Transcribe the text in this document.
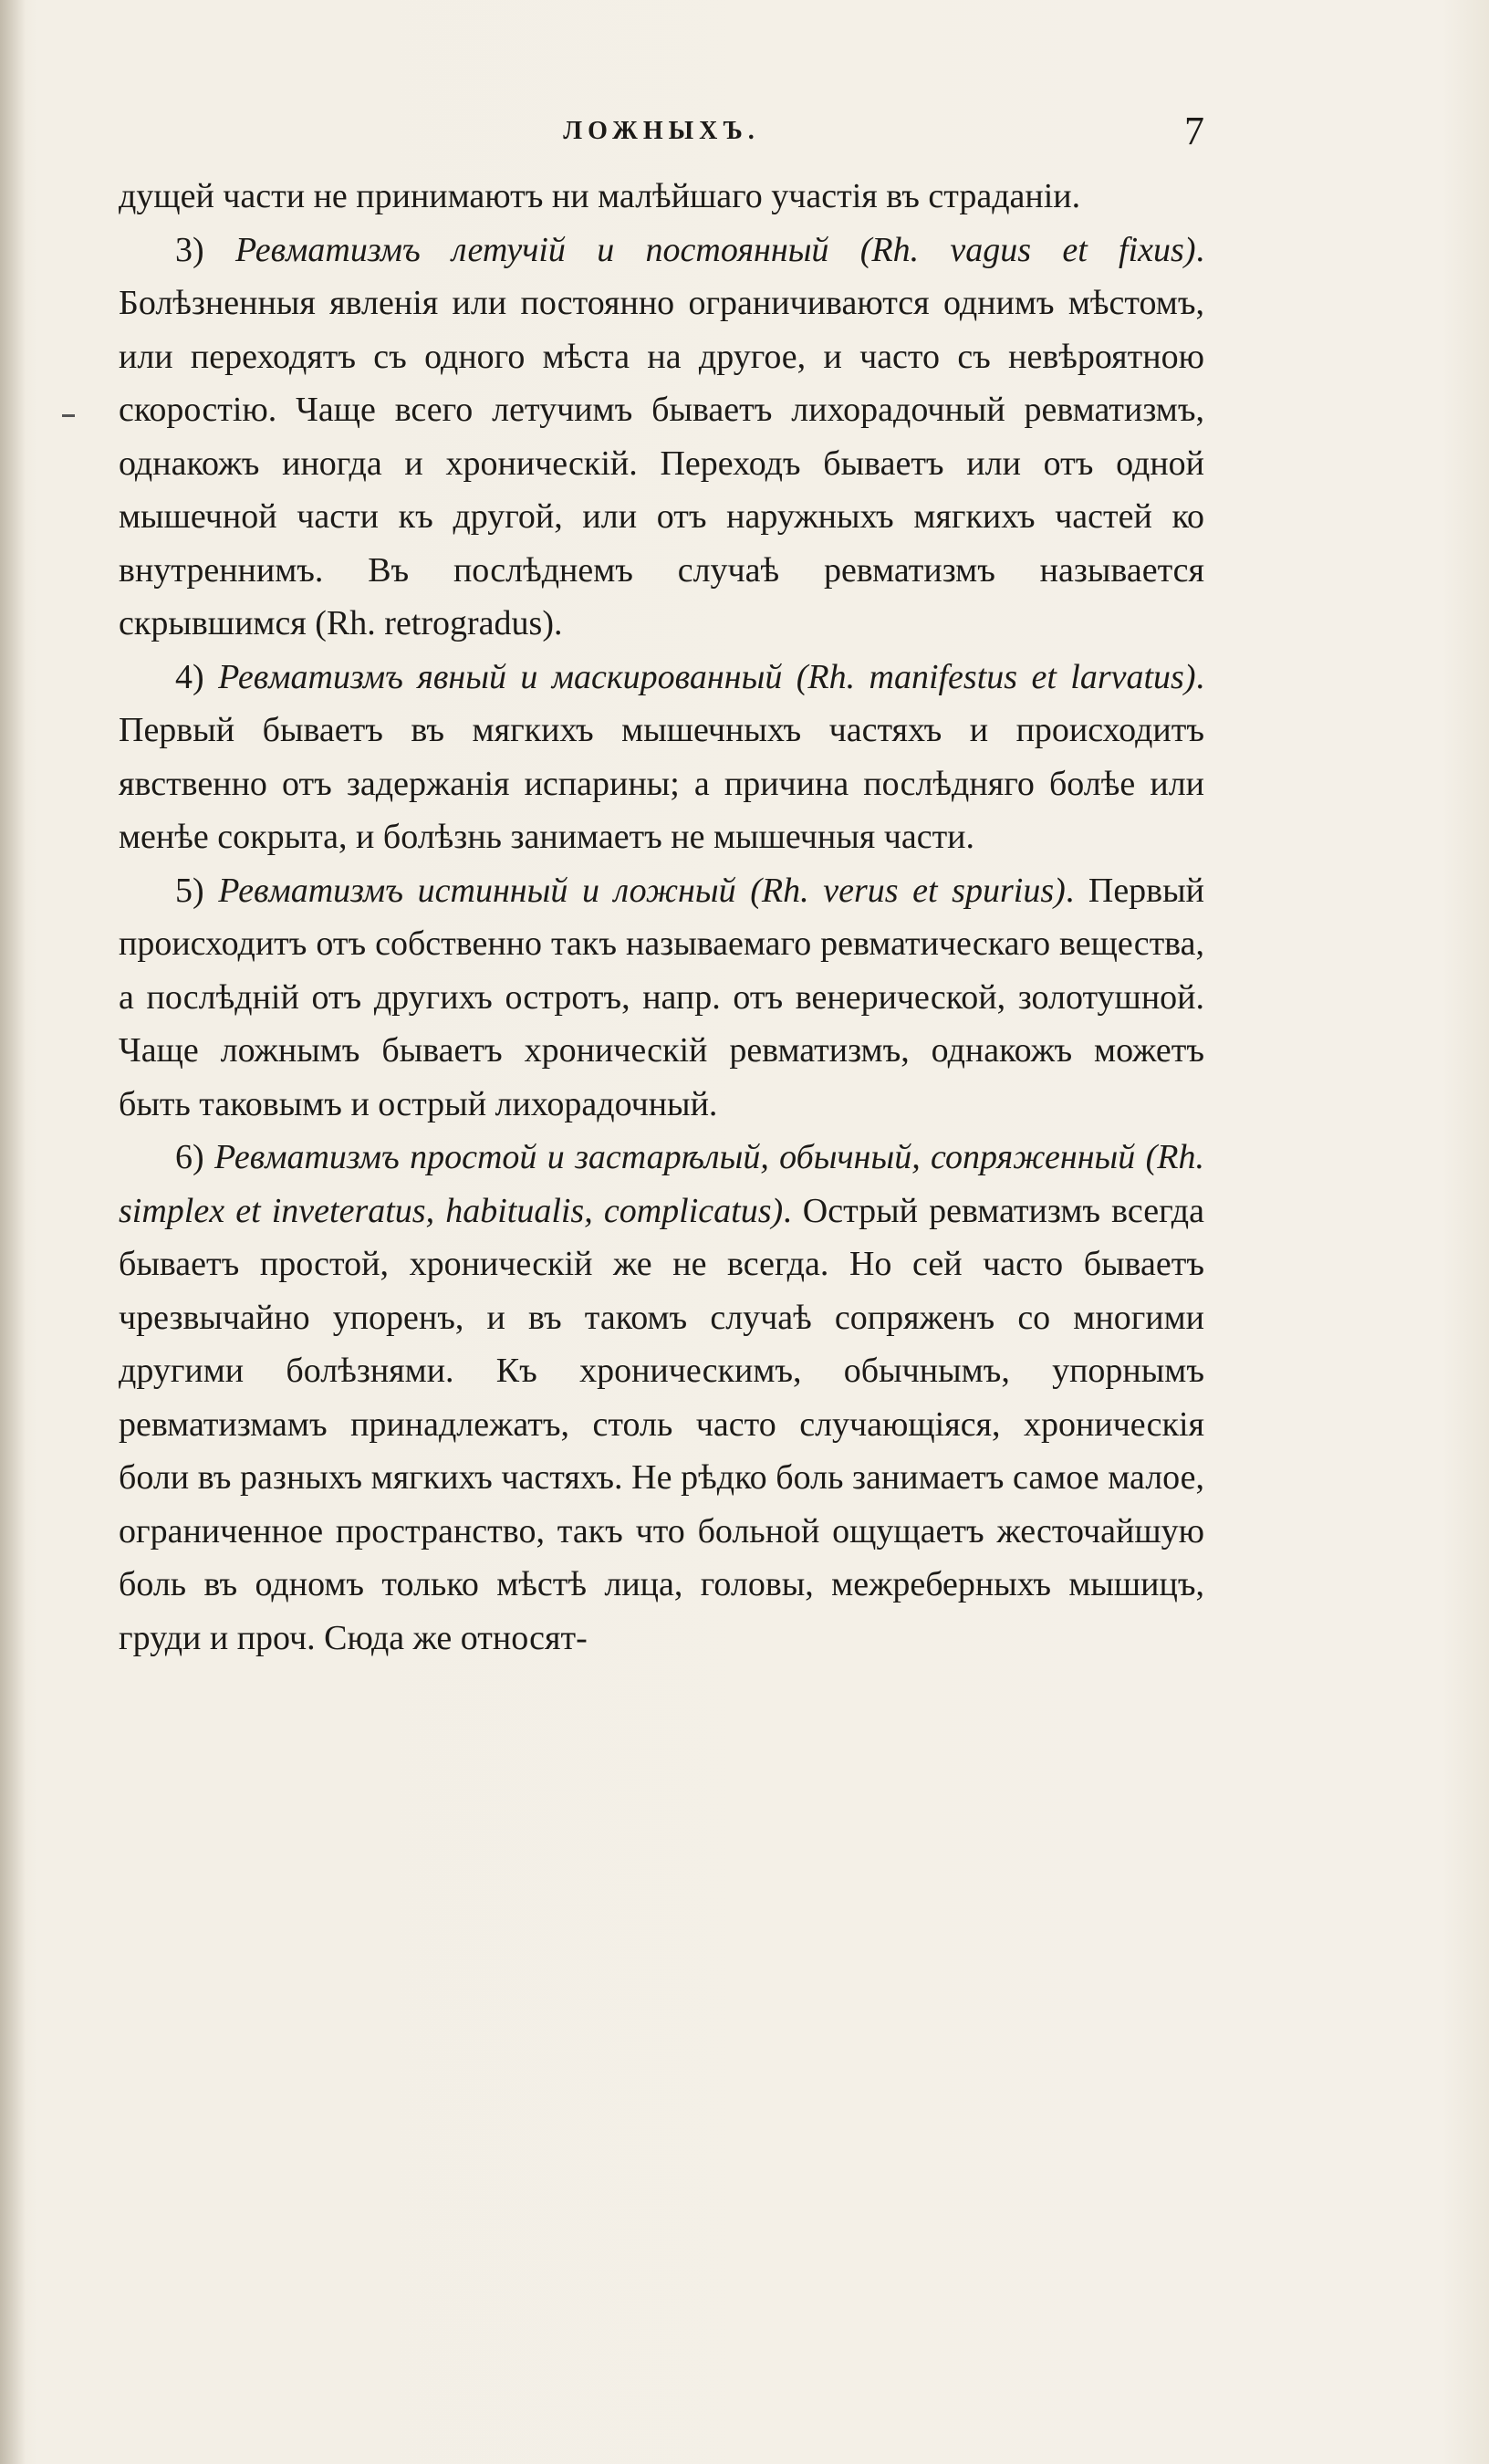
ЛОЖНЫХЪ.	7

дущей части не принимаютъ ни малѣйшаго участія въ страданіи.

3) Ревматизмъ летучій и постоянный (Rh. vagus et fixus). Болѣзненныя явленія или постоянно ограничиваются однимъ мѣстомъ, или переходятъ съ одного мѣста на другое, и часто съ невѣроятною скоростію. Чаще всего летучимъ бываетъ лихорадочный ревматизмъ, однакожъ иногда и хроническій. Переходъ бываетъ или отъ одной мышечной части къ другой, или отъ наружныхъ мягкихъ частей ко внутреннимъ. Въ послѣднемъ случаѣ ревматизмъ называется скрывшимся (Rh. retrogradus).

4) Ревматизмъ явный и маскированный (Rh. manifestus et larvatus). Первый бываетъ въ мягкихъ мышечныхъ частяхъ и происходитъ явственно отъ задержанія испарины; а причина послѣдняго болѣе или менѣе сокрыта, и болѣзнь занимаетъ не мышечныя части.

5) Ревматизмъ истинный и ложный (Rh. verus et spurius). Первый происходитъ отъ собственно такъ называемаго ревматическаго вещества, а послѣдній отъ другихъ остротъ, напр. отъ венерической, золотушной. Чаще ложнымъ бываетъ хроническій ревматизмъ, однакожъ можетъ быть таковымъ и острый лихорадочный.

6) Ревматизмъ простой и застарѣлый, обычный, сопряженный (Rh. simplex et inveteratus, habitualis, complicatus). Острый ревматизмъ всегда бываетъ простой, хроническій же не всегда. Но сей часто бываетъ чрезвычайно упоренъ, и въ такомъ случаѣ сопряженъ со многими другими болѣзнями. Къ хроническимъ, обычнымъ, упорнымъ ревматизмамъ принадлежатъ, столь часто случающіяся, хроническія боли въ разныхъ мягкихъ частяхъ. Не рѣдко боль занимаетъ самое малое, ограниченное пространство, такъ что больной ощущаетъ жесточайшую боль въ одномъ только мѣстѣ лица, головы, межреберныхъ мышицъ, груди и проч. Сюда же относят-
